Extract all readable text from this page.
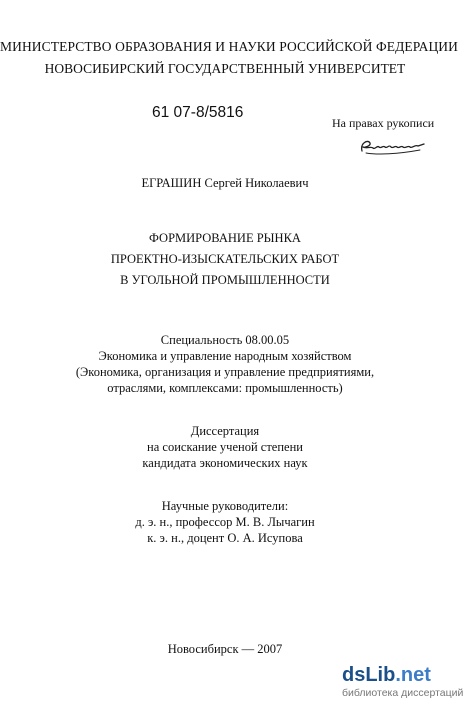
МИНИСТЕРСТВО ОБРАЗОВАНИЯ И НАУКИ РОССИЙСКОЙ ФЕДЕРАЦИИ
НОВОСИБИРСКИЙ ГОСУДАРСТВЕННЫЙ УНИВЕРСИТЕТ
61 07-8/5816
На правах рукописи
ЕГРАШИН Сергей Николаевич
ФОРМИРОВАНИЕ РЫНКА
ПРОЕКТНО-ИЗЫСКАТЕЛЬСКИХ РАБОТ
В УГОЛЬНОЙ ПРОМЫШЛЕННОСТИ
Специальность 08.00.05
Экономика и управление народным хозяйством
(Экономика, организация и управление предприятиями,
отраслями, комплексами: промышленность)
Диссертация
на соискание ученой степени
кандидата экономических наук
Научные руководители:
д. э. н., профессор М. В. Лычагин
к. э. н., доцент О. А. Исупова
Новосибирск — 2007
dsLib.net
библиотека диссертаций
